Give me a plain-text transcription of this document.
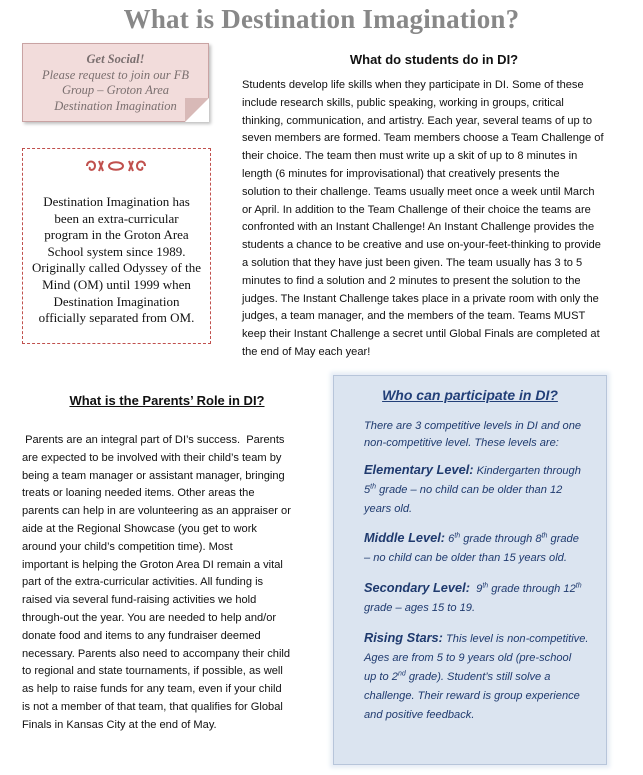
What is Destination Imagination?
Get Social!
Please request to join our FB
Group – Groton Area
Destination Imagination
Destination Imagination has
been an extra-curricular
program in the Groton Area
School system since 1989.
Originally called Odyssey of the
Mind (OM) until 1999 when
Destination Imagination
officially separated from OM.
What do students do in DI?
Students develop life skills when they participate in DI. Some of these
include research skills, public speaking, working in groups, critical
thinking, communication, and artistry. Each year, several teams of up to
seven members are formed. Team members choose a Team Challenge of
their choice. The team then must write up a skit of up to 8 minutes in
length (6 minutes for improvisational) that creatively presents the
solution to their challenge. Teams usually meet once a week until March
or April. In addition to the Team Challenge of their choice the teams are
confronted with an Instant Challenge! An Instant Challenge provides the
students a chance to be creative and use on-your-feet-thinking to provide
a solution that they have just been given. The team usually has 3 to 5
minutes to find a solution and 2 minutes to present the solution to the
judges. The Instant Challenge takes place in a private room with only the
judges, a team manager, and the members of the team. Teams MUST
keep their Instant Challenge a secret until Global Finals are completed at
the end of May each year!
What is the Parents’ Role in DI?
Parents are an integral part of DI’s success.  Parents
are expected to be involved with their child’s team by
being a team manager or assistant manager, bringing
treats or loaning needed items. Other areas the
parents can help in are volunteering as an appraiser or
aide at the Regional Showcase (you get to work
around your child’s competition time). Most
important is helping the Groton Area DI remain a vital
part of the extra-curricular activities. All funding is
raised via several fund-raising activities we hold
through-out the year. You are needed to help and/or
donate food and items to any fundraiser deemed
necessary. Parents also need to accompany their child
to regional and state tournaments, if possible, as well
as help to raise funds for any team, even if your child
is not a member of that team, that qualifies for Global
Finals in Kansas City at the end of May.
Who can participate in DI?
There are 3 competitive levels in DI and one
non-competitive level. These levels are:
Elementary Level: Kindergarten through
5th grade – no child can be older than 12
years old.
Middle Level: 6th grade through 8th grade
– no child can be older than 15 years old.
Secondary Level: 9th grade through 12th
grade – ages 15 to 19.
Rising Stars: This level is non-competitive.
Ages are from 5 to 9 years old (pre-school
up to 2nd grade). Student’s still solve a
challenge. Their reward is group experience
and positive feedback.
